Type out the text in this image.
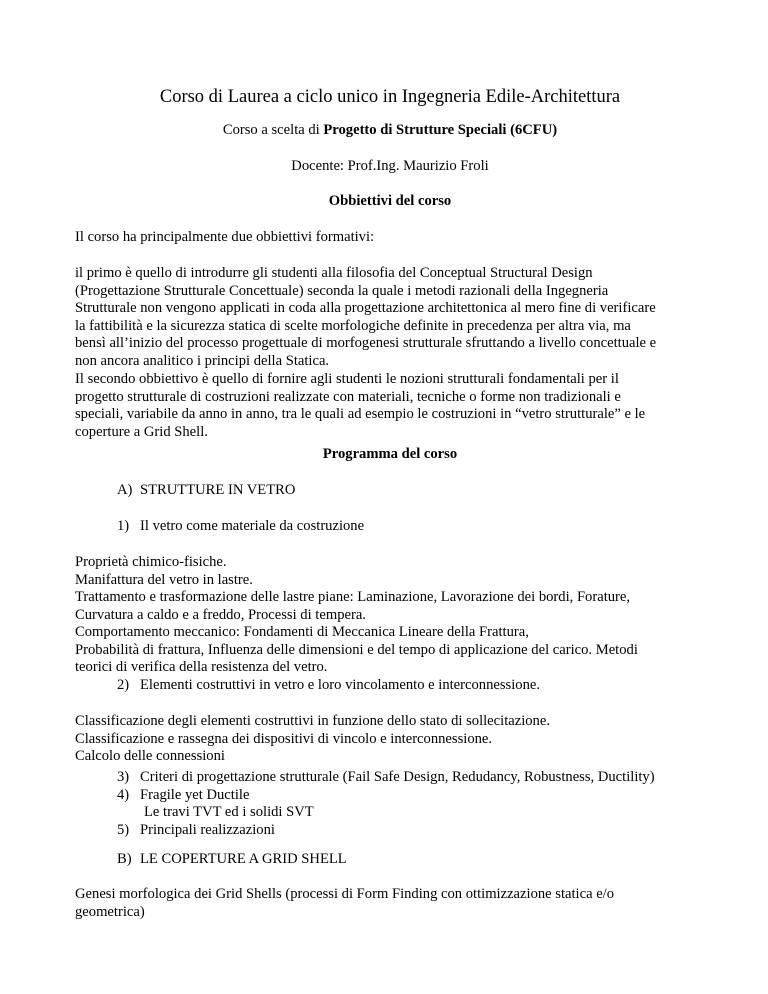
Corso di Laurea a ciclo unico in Ingegneria Edile-Architettura
Corso a scelta di Progetto di Strutture Speciali (6CFU)
Docente: Prof.Ing. Maurizio Froli
Obbiettivi del corso
Il corso ha principalmente due obbiettivi formativi:
il primo è quello di introdurre gli studenti alla filosofia del Conceptual Structural Design
(Progettazione Strutturale Concettuale) seconda la quale i metodi razionali della Ingegneria
Strutturale non vengono applicati in coda alla progettazione architettonica al mero fine di verificare
la fattibilità e la sicurezza statica di scelte morfologiche definite in precedenza per altra via, ma
bensì all’inizio del processo progettuale di morfogenesi strutturale sfruttando a livello concettuale e
non ancora analitico i principi della Statica.
Il secondo obbiettivo è quello di fornire agli studenti le nozioni strutturali fondamentali per il
progetto strutturale di costruzioni realizzate con materiali, tecniche o forme non tradizionali e
speciali, variabile da anno in anno, tra le quali ad esempio le costruzioni in “vetro strutturale” e le
coperture a Grid Shell.
Programma del corso
A) STRUTTURE IN VETRO
1) Il vetro come materiale da costruzione
Proprietà chimico-fisiche.
Manifattura del vetro in lastre.
Trattamento e trasformazione delle lastre piane: Laminazione, Lavorazione dei bordi, Forature,
Curvatura a caldo e a freddo, Processi di tempera.
Comportamento meccanico: Fondamenti di Meccanica Lineare della Frattura,
Probabilità di frattura, Influenza delle dimensioni e del tempo di applicazione del carico. Metodi
teorici di verifica della resistenza del vetro.
2) Elementi costruttivi in vetro e loro vincolamento e interconnessione.
Classificazione degli elementi costruttivi in funzione dello stato di sollecitazione.
Classificazione e rassegna dei dispositivi di vincolo e interconnessione.
Calcolo delle connessioni
3) Criteri di progettazione strutturale (Fail Safe Design, Redudancy, Robustness, Ductility)
4) Fragile yet Ductile
Le travi TVT ed i solidi SVT
5) Principali realizzazioni
B) LE COPERTURE A GRID SHELL
Genesi morfologica dei Grid Shells (processi di Form Finding con ottimizzazione statica e/o
geometrica)
